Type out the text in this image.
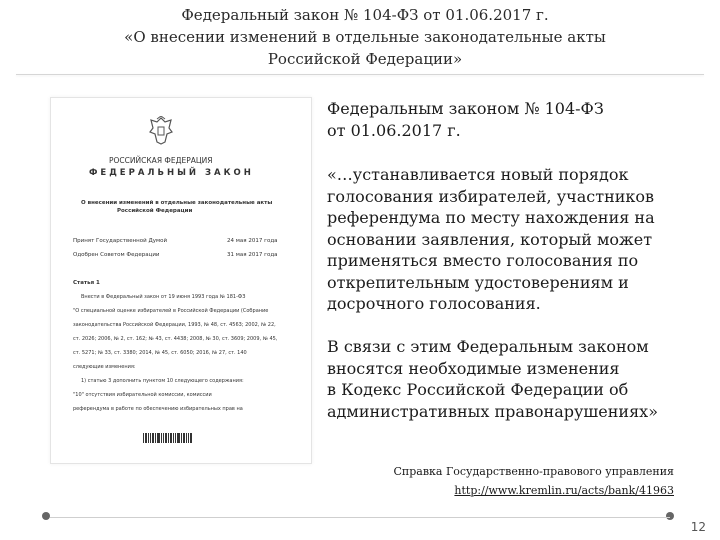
Федеральный закон № 104-ФЗ от 01.06.2017 г.
«О внесении изменений в отдельные законодательные акты
Российской Федерации»
РОССИЙСКАЯ ФЕДЕРАЦИЯ
ФЕДЕРАЛЬНЫЙ ЗАКОН
О внесении изменений в отдельные законодательные акты
Российской Федерации
Принят Государственной Думой	24 мая 2017 года
Одобрен Советом Федерации	31 мая 2017 года
Статья 1
Внести в Федеральный закон от 19 июня 1993 года № 181-ФЗ
"О специальной оценке избирателей в Российской Федерации (Собрание
законодательства Российской Федерации, 1993, № 48, ст. 4563; 2002, № 22,
ст. 2026; 2006, № 2, ст. 162; № 43, ст. 4438; 2008, № 30, ст. 3609; 2009, № 45,
ст. 5271; № 33, ст. 3380; 2014, № 45, ст. 6050; 2016, № 27, ст. 140
следующие изменения:
1) статью 3 дополнить пунктом 10 следующего содержания:
"10" отсутствия избирательной комиссии, комиссии
референдума в работе по обеспечению избирательных прав на
Федеральным законом № 104-ФЗ
от 01.06.2017 г.
«…устанавливается новый порядок
голосования избирателей, участников
референдума по месту нахождения на
основании заявления, который может
применяться вместо голосования по
открепительным удостоверениям и
досрочного голосования.
В связи с этим Федеральным законом
вносятся необходимые изменения
в Кодекс Российской Федерации об
административных правонарушениях»
Справка Государственно-правового управления
http://www.kremlin.ru/acts/bank/41963
12
